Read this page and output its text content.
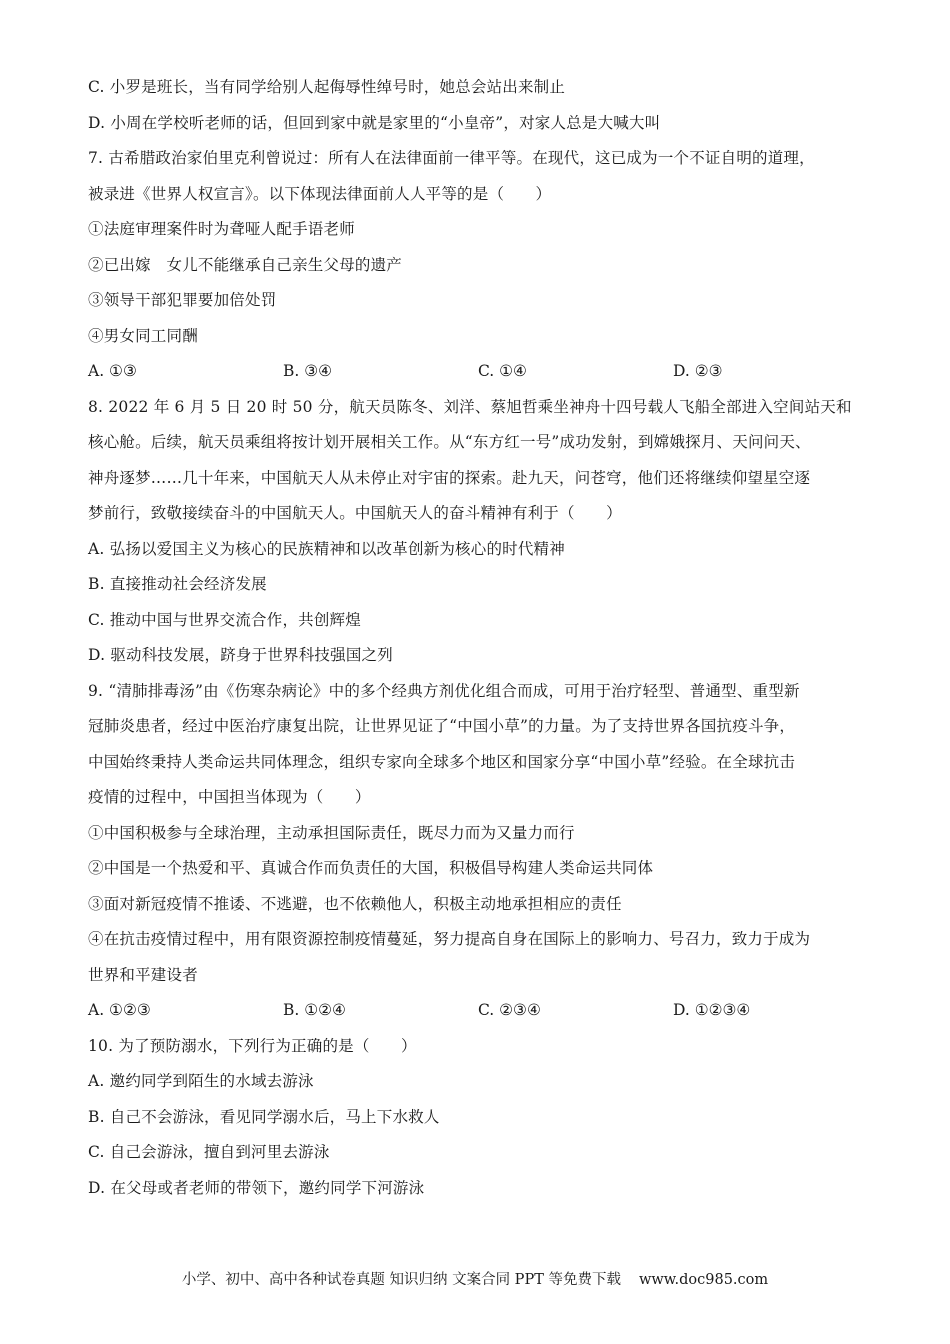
C. 小罗是班长，当有同学给别人起侮辱性绰号时，她总会站出来制止
D. 小周在学校听老师的话，但回到家中就是家里的“小皇帝”，对家人总是大喊大叫
7. 古希腊政治家伯里克利曾说过：所有人在法律面前一律平等。在现代，这已成为一个不证自明的道理，
被录进《世界人权宣言》。以下体现法律面前人人平等的是（　　）
①法庭审理案件时为聋哑人配手语老师
②已出嫁　女儿不能继承自己亲生父母的遗产
③领导干部犯罪要加倍处罚
④男女同工同酬
A. ①③	B. ③④	C. ①④	D. ②③
8. 2022 年 6 月 5 日 20 时 50 分，航天员陈冬、刘洋、蔡旭哲乘坐神舟十四号载人飞船全部进入空间站天和
核心舱。后续，航天员乘组将按计划开展相关工作。从“东方红一号”成功发射，到嫦娥探月、天问问天、
神舟逐梦……几十年来，中国航天人从未停止对宇宙的探索。赴九天，问苍穹，他们还将继续仰望星空逐
梦前行，致敬接续奋斗的中国航天人。中国航天人的奋斗精神有利于（　　）
A. 弘扬以爱国主义为核心的民族精神和以改革创新为核心的时代精神
B. 直接推动社会经济发展
C. 推动中国与世界交流合作，共创辉煌
D. 驱动科技发展，跻身于世界科技强国之列
9. “清肺排毒汤”由《伤寒杂病论》中的多个经典方剂优化组合而成，可用于治疗轻型、普通型、重型新
冠肺炎患者，经过中医治疗康复出院，让世界见证了“中国小草”的力量。为了支持世界各国抗疫斗争，
中国始终秉持人类命运共同体理念，组织专家向全球多个地区和国家分享“中国小草”经验。在全球抗击
疫情的过程中，中国担当体现为（　　）
①中国积极参与全球治理，主动承担国际责任，既尽力而为又量力而行
②中国是一个热爱和平、真诚合作而负责任的大国，积极倡导构建人类命运共同体
③面对新冠疫情不推诿、不逃避，也不依赖他人，积极主动地承担相应的责任
④在抗击疫情过程中，用有限资源控制疫情蔓延，努力提高自身在国际上的影响力、号召力，致力于成为
世界和平建设者
A. ①②③	B. ①②④	C. ②③④	D. ①②③④
10. 为了预防溺水，下列行为正确的是（　　）
A. 邀约同学到陌生的水域去游泳
B. 自己不会游泳，看见同学溺水后，马上下水救人
C. 自己会游泳，擅自到河里去游泳
D. 在父母或者老师的带领下，邀约同学下河游泳
小学、初中、高中各种试卷真题 知识归纳 文案合同 PPT 等免费下载 www.doc985.com
